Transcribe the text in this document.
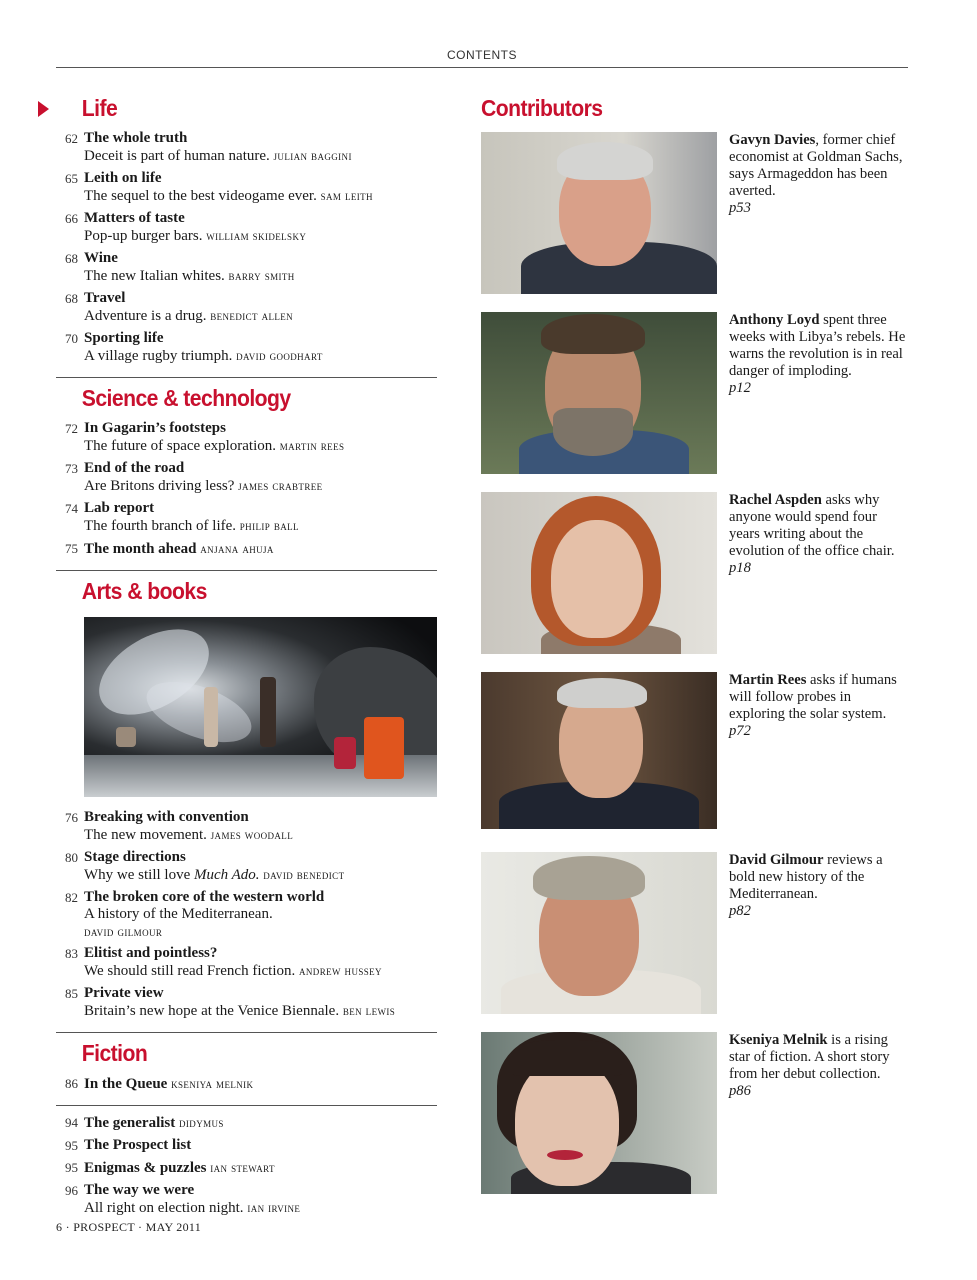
CONTENTS
Life
62 The whole truth
Deceit is part of human nature. julian baggini
65 Leith on life
The sequel to the best videogame ever. sam leith
66 Matters of taste
Pop-up burger bars. william skidelsky
68 Wine
The new Italian whites. barry smith
68 Travel
Adventure is a drug. benedict allen
70 Sporting life
A village rugby triumph. david goodhart
Science & technology
72 In Gagarin’s footsteps
The future of space exploration. martin rees
73 End of the road
Are Britons driving less? james crabtree
74 Lab report
The fourth branch of life. philip ball
75 The month ahead anjana ahuja
Arts & books
76 Breaking with convention
The new movement. james woodall
80 Stage directions
Why we still love Much Ado. david benedict
82 The broken core of the western world
A history of the Mediterranean.
david gilmour
83 Elitist and pointless?
We should still read French fiction. andrew hussey
85 Private view
Britain’s new hope at the Venice Biennale. ben lewis
Fiction
86 In the Queue kseniya melnik
94 The generalist didymus
95 The Prospect list
95 Enigmas & puzzles ian stewart
96 The way we were
All right on election night. ian irvine
Contributors
Gavyn Davies, former chief economist at Goldman Sachs, says Armageddon has been averted.
p53
Anthony Loyd spent three weeks with Libya’s rebels. He warns the revolution is in real danger of imploding.
p12
Rachel Aspden asks why anyone would spend four years writing about the evolution of the office chair.
p18
Martin Rees asks if humans will follow probes in exploring the solar system.
p72
David Gilmour reviews a bold new history of the Mediterranean.
p82
Kseniya Melnik is a rising star of fiction. A short story from her debut collection.
p86
6 · PROSPECT · MAY 2011
